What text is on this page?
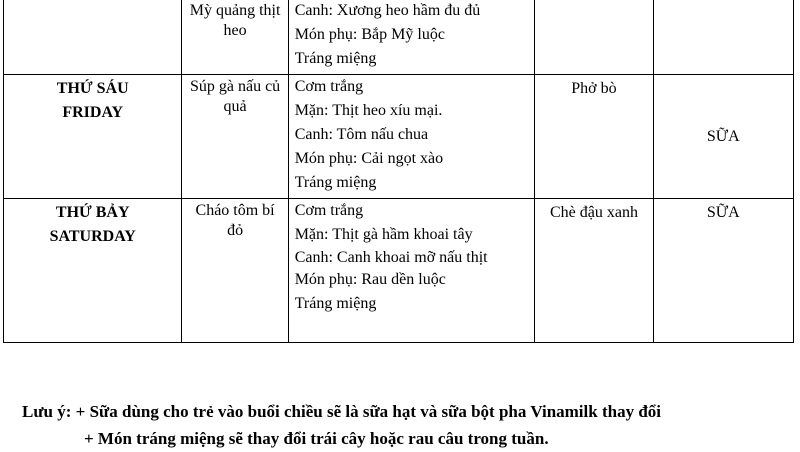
	Mỳ quảng thịt heo	Canh: Xương heo hầm đu đủ
Món phụ: Bắp Mỹ luộc
Tráng miệng		

THỨ SÁU
FRIDAY	Súp gà nấu củ quả	Cơm trắng
Mặn: Thịt heo xíu mại.
Canh: Tôm nấu chua
Món phụ: Cải ngọt xào
Tráng miệng	Phở bò	SỮA

THỨ BẢY
SATURDAY	Cháo tôm bí đỏ	Cơm trắng
Mặn: Thịt gà hầm khoai tây
Canh: Canh khoai mỡ nấu thịt
Món phụ: Rau dền luộc
Tráng miệng	Chè đậu xanh	SỮA
Lưu ý: + Sữa dùng cho trẻ vào buổi chiều sẽ là sữa hạt và sữa bột pha Vinamilk thay đổi
+ Món tráng miệng sẽ thay đổi trái cây hoặc rau câu trong tuần.
